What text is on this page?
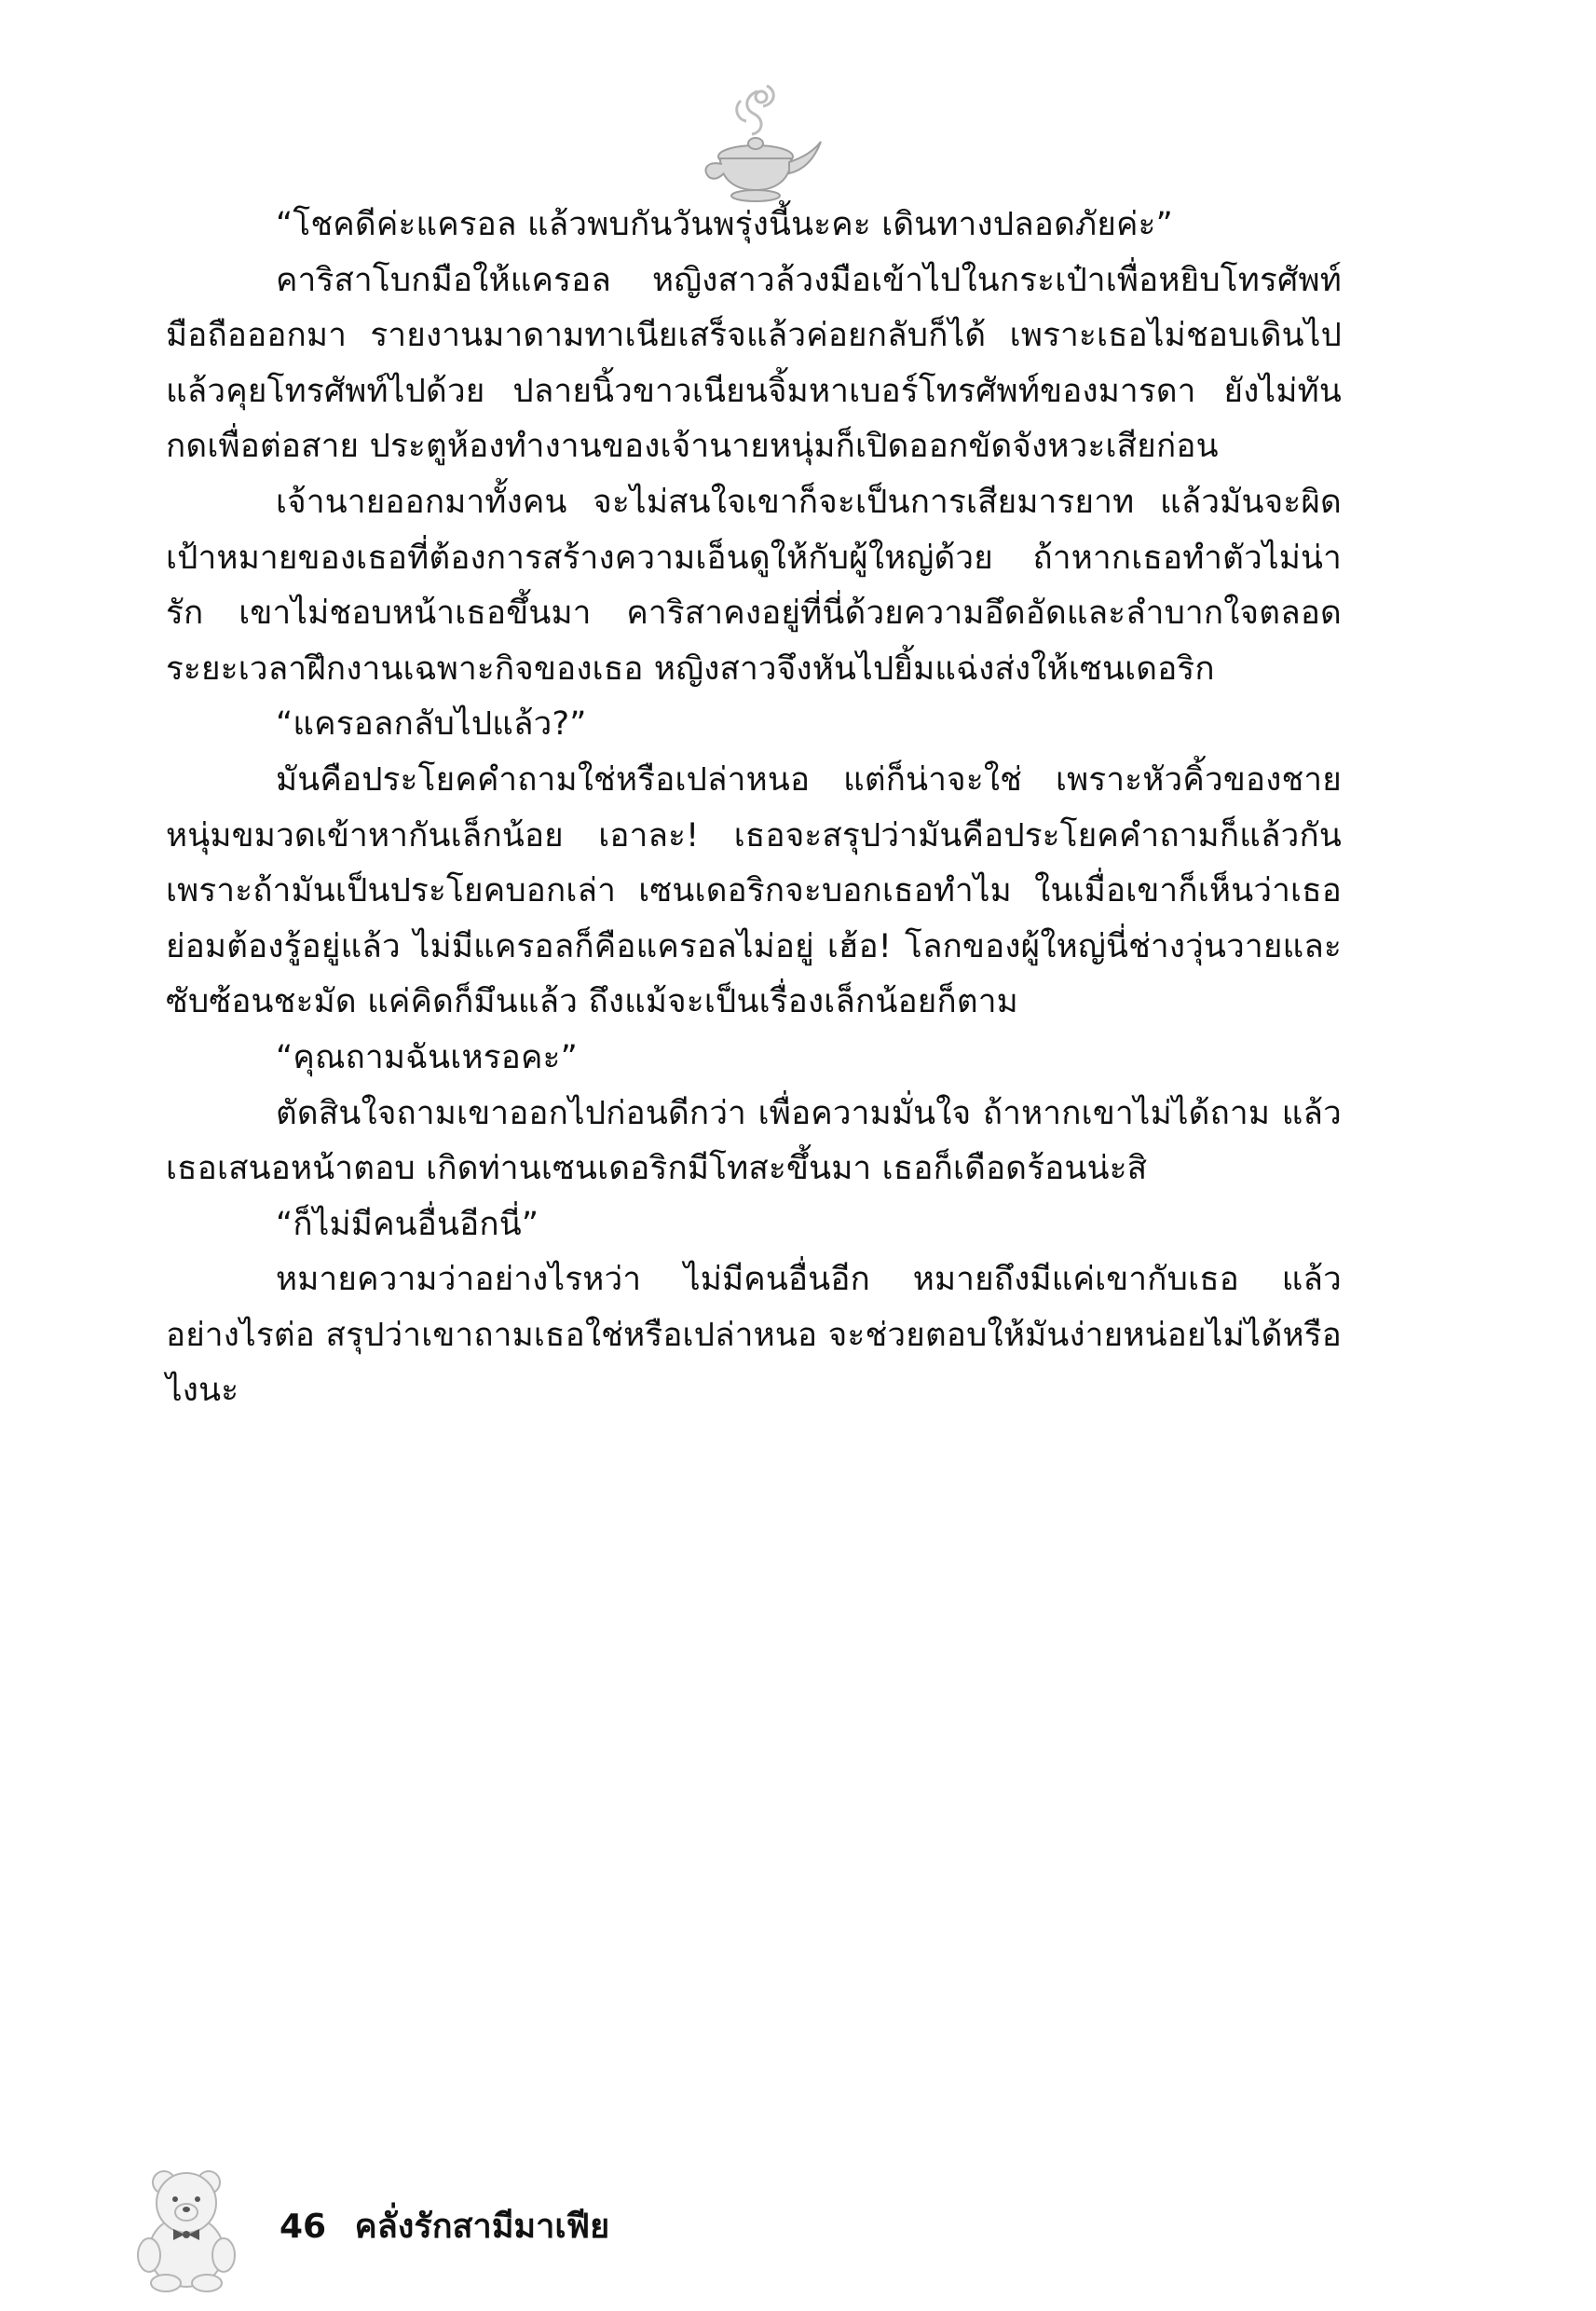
“โชคดีค่ะแครอล แล้วพบกันวันพรุ่งนี้นะคะ เดินทางปลอดภัยค่ะ”

คาริสาโบกมือให้แครอล หญิงสาวล้วงมือเข้าไปในกระเป๋าเพื่อหยิบโทรศัพท์มือถือออกมา รายงานมาดามทาเนียเสร็จแล้วค่อยกลับก็ได้ เพราะเธอไม่ชอบเดินไปแล้วคุยโทรศัพท์ไปด้วย ปลายนิ้วขาวเนียนจิ้มหาเบอร์โทรศัพท์ของมารดา ยังไม่ทันกดเพื่อต่อสาย ประตูห้องทำงานของเจ้านายหนุ่มก็เปิดออกขัดจังหวะเสียก่อน

เจ้านายออกมาทั้งคน จะไม่สนใจเขาก็จะเป็นการเสียมารยาท แล้วมันจะผิดเป้าหมายของเธอที่ต้องการสร้างความเอ็นดูให้กับผู้ใหญ่ด้วย ถ้าหากเธอทำตัวไม่น่ารัก เขาไม่ชอบหน้าเธอขึ้นมา คาริสาคงอยู่ที่นี่ด้วยความอึดอัดและลำบากใจตลอดระยะเวลาฝึกงานเฉพาะกิจของเธอ หญิงสาวจึงหันไปยิ้มแฉ่งส่งให้เซนเดอริก

“แครอลกลับไปแล้ว?”

มันคือประโยคคำถามใช่หรือเปล่าหนอ แต่ก็น่าจะใช่ เพราะหัวคิ้วของชายหนุ่มขมวดเข้าหากันเล็กน้อย เอาละ! เธอจะสรุปว่ามันคือประโยคคำถามก็แล้วกัน เพราะถ้ามันเป็นประโยคบอกเล่า เซนเดอริกจะบอกเธอทำไม ในเมื่อเขาก็เห็นว่าเธอย่อมต้องรู้อยู่แล้ว ไม่มีแครอลก็คือแครอลไม่อยู่ เฮ้อ! โลกของผู้ใหญ่นี่ช่างวุ่นวายและซับซ้อนชะมัด แค่คิดก็มึนแล้ว ถึงแม้จะเป็นเรื่องเล็กน้อยก็ตาม

“คุณถามฉันเหรอคะ”

ตัดสินใจถามเขาออกไปก่อนดีกว่า เพื่อความมั่นใจ ถ้าหากเขาไม่ได้ถาม แล้วเธอเสนอหน้าตอบ เกิดท่านเซนเดอริกมีโทสะขึ้นมา เธอก็เดือดร้อนน่ะสิ

“ก็ไม่มีคนอื่นอีกนี่”

หมายความว่าอย่างไรหว่า ไม่มีคนอื่นอีก หมายถึงมีแค่เขากับเธอ แล้วอย่างไรต่อ สรุปว่าเขาถามเธอใช่หรือเปล่าหนอ จะช่วยตอบให้มันง่ายหน่อยไม่ได้หรือไงนะ

46 คลั่งรักสามีมาเฟีย
